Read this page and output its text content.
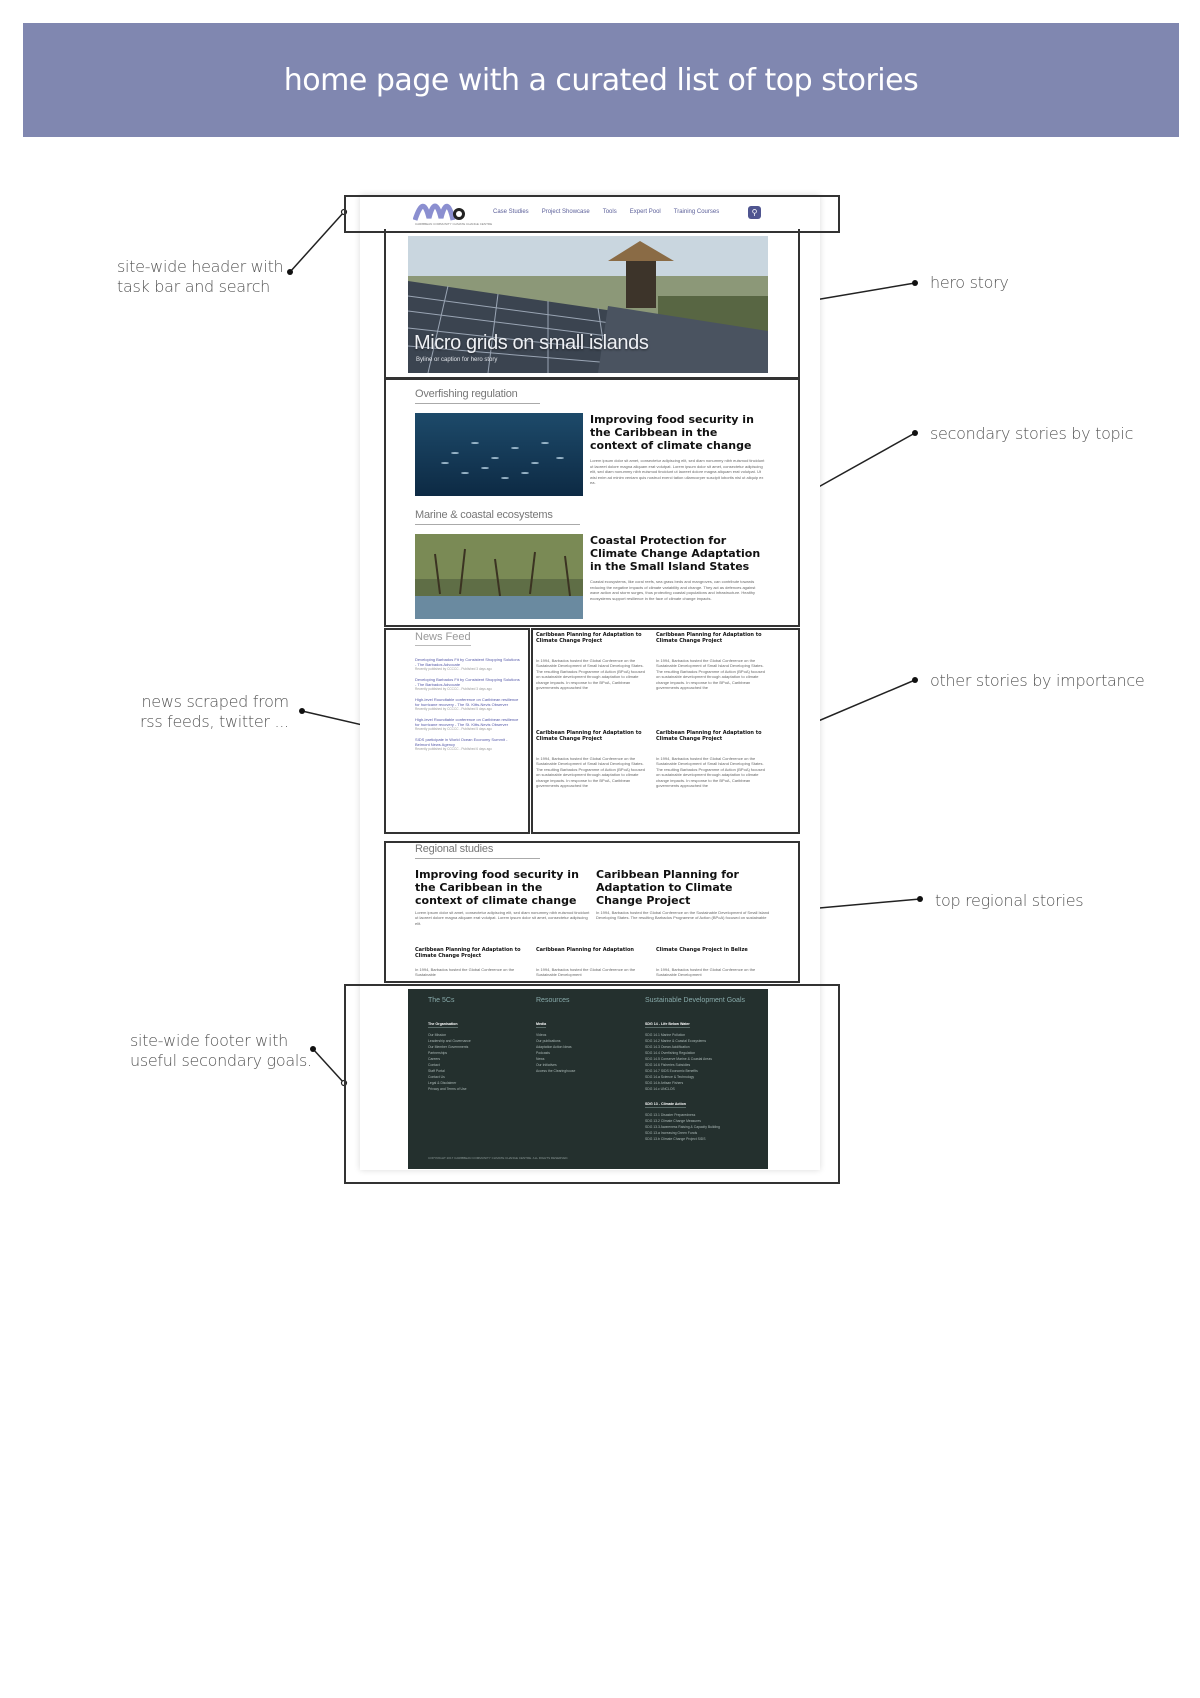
home page with a curated list of top stories
site-wide header with
task bar and search	hero story
secondary stories by topic
news scraped from
rss feeds, twitter ...
other stories by importance
top regional stories
site-wide footer with
useful secondary goals.
CARIBBEAN COMMUNITY CLIMATE CHANGE CENTRE
Case Studies Project Showcase Tools Expert Pool Training Courses	⚲
Micro grids on small islands
Byline or caption for hero story
Overfishing regulation
Improving food security in the Caribbean in the context of climate change
Lorem ipsum dolor sit amet, consectetur adipiscing elit, sed diam nonummy nibh euismod tincidunt ut laoreet dolore magna aliquam erat volutpat. Lorem ipsum dolor sit amet, consectetur adipiscing elit, sed diam nonummy nibh euismod tincidunt ut laoreet dolore magna aliquam erat volutpat. Ut wisi enim ad minim veniam quis nostrud exerci tation ullamcorper suscipit lobortis nisl ut aliquip ex ea.
Marine & coastal ecosystems
Coastal Protection for Climate Change Adaptation in the Small Island States
Coastal ecosystems, like coral reefs, sea grass beds and mangroves, can contribute towards reducing the negative impacts of climate variability and change. They act as defences against wave action and storm surges, thus protecting coastal populations and infrastructure. Healthy ecosystems support resilience in the face of climate change impacts.
News Feed
Developing Barbados Fit by Consistent Shopping Solutions - The Barbados Advocate
Recently published by CCCCC - Published 3 days ago
Developing Barbados Fit by Consistent Shopping Solutions - The Barbados Advocate
Recently published by CCCCC - Published 3 days ago
High-level Roundtable conference on Caribbean resilience for hurricane recovery - The St. Kitts-Nevis Observer
Recently published by CCCCC - Published 5 days ago
High-level Roundtable conference on Caribbean resilience for hurricane recovery - The St. Kitts-Nevis Observer
Recently published by CCCCC - Published 5 days ago
SIDS participate in World Ocean Economy Summit - Belmont News Agency
Recently published by CCCCC - Published 6 days ago
Caribbean Planning for Adaptation to Climate Change Project
In 1994, Barbados hosted the Global Conference on the Sustainable Development of Small Island Developing States. The resulting Barbados Programme of Action (BPoA) focused on sustainable development through adaptation to climate change impacts. In response to the BPoA, Caribbean governments approached the
Caribbean Planning for Adaptation to Climate Change Project
In 1994, Barbados hosted the Global Conference on the Sustainable Development of Small Island Developing States. The resulting Barbados Programme of Action (BPoA) focused on sustainable development through adaptation to climate change impacts. In response to the BPoA, Caribbean governments approached the
Caribbean Planning for Adaptation to Climate Change Project
In 1994, Barbados hosted the Global Conference on the Sustainable Development of Small Island Developing States. The resulting Barbados Programme of Action (BPoA) focused on sustainable development through adaptation to climate change impacts. In response to the BPoA, Caribbean governments approached the
Caribbean Planning for Adaptation to Climate Change Project
In 1994, Barbados hosted the Global Conference on the Sustainable Development of Small Island Developing States. The resulting Barbados Programme of Action (BPoA) focused on sustainable development through adaptation to climate change impacts. In response to the BPoA, Caribbean governments approached the
Regional studies
Improving food security in the Caribbean in the context of climate change
Lorem ipsum dolor sit amet, consectetur adipiscing elit, sed diam nonummy nibh euismod tincidunt ut laoreet dolore magna aliquam erat volutpat. Lorem ipsum dolor sit amet, consectetur adipiscing elit.
Caribbean Planning for Adaptation to Climate Change Project
In 1994, Barbados hosted the Global Conference on the Sustainable Development of Small Island Developing States. The resulting Barbados Programme of Action (BPoA) focused on sustainable
Caribbean Planning for Adaptation to Climate Change Project
In 1994, Barbados hosted the Global Conference on the Sustainable
Caribbean Planning for Adaptation
In 1994, Barbados hosted the Global Conference on the Sustainable Development
Climate Change Project in Belize
In 1994, Barbados hosted the Global Conference on the Sustainable Development
The 5Cs
The Organisation
Our Mission
Leadership and Governance
Our Member Governments
Partnerships
Careers
Contact
Staff Portal
Contact Us
Legal & Disclaimer
Privacy and Terms of Use
Resources
Media
Videos
Our publications
Adaptation Action Ideas
Podcasts
News
Our Initiatives
Access the Clearinghouse
Sustainable Development Goals
SDG 14 - Life Below Water
SDG 14.1 Marine Pollution
SDG 14.2 Marine & Coastal Ecosystems
SDG 14.3 Ocean Acidification
SDG 14.4 Overfishing Regulation
SDG 14.5 Conserve Marine & Coastal Areas
SDG 14.6 Fisheries Subsidies
SDG 14.7 SIDS Economic Benefits
SDG 14.a Science & Technology
SDG 14.b Artisan Fishers
SDG 14.c UNCLOS
SDG 13 - Climate Action
SDG 13.1 Disaster Preparedness
SDG 13.2 Climate Change Measures
SDG 13.3 Awareness Raising & Capacity Building
SDG 13.a Increasing Green Funds
SDG 13.b Climate Change Project SIDS
COPYRIGHT 2017 CARIBBEAN COMMUNITY CLIMATE CHANGE CENTRE. ALL RIGHTS RESERVED.
